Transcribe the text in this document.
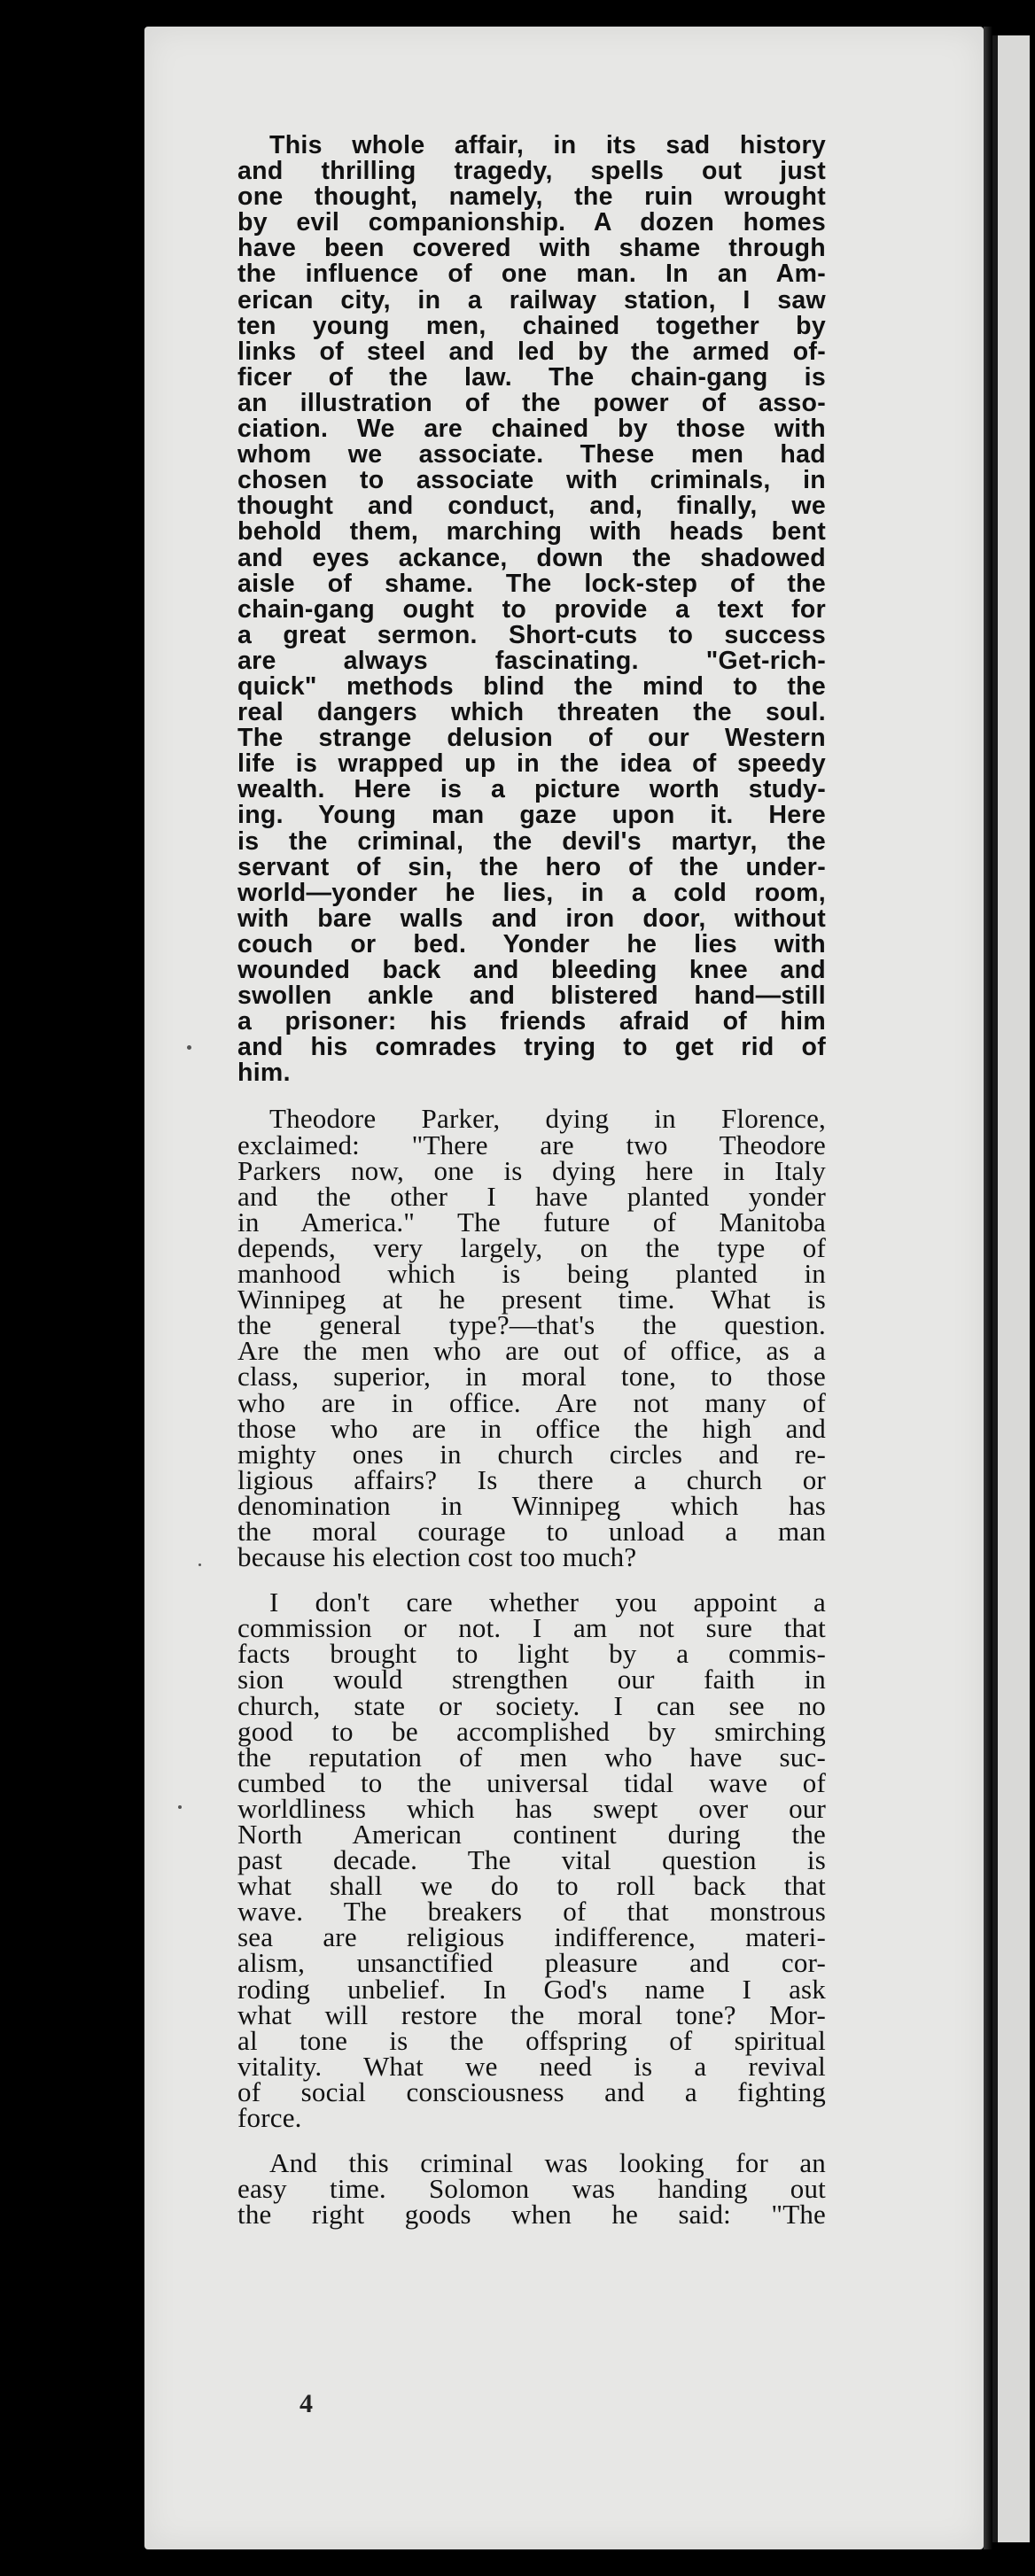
This whole affair, in its sad history
and thrilling tragedy, spells out just
one thought, namely, the ruin wrought
by evil companionship. A dozen homes
have been covered with shame through
the influence of one man. In an Am-
erican city, in a railway station, I saw
ten young men, chained together by
links of steel and led by the armed of-
ficer of the law. The chain-gang is
an illustration of the power of asso-
ciation. We are chained by those with
whom we associate. These men had
chosen to associate with criminals, in
thought and conduct, and, finally, we
behold them, marching with heads bent
and eyes ackance, down the shadowed
aisle of shame. The lock-step of the
chain-gang ought to provide a text for
a great sermon. Short-cuts to success
are always fascinating. "Get-rich-
quick" methods blind the mind to the
real dangers which threaten the soul.
The strange delusion of our Western
life is wrapped up in the idea of speedy
wealth. Here is a picture worth study-
ing. Young man gaze upon it. Here
is the criminal, the devil's martyr, the
servant of sin, the hero of the under-
world—yonder he lies, in a cold room,
with bare walls and iron door, without
couch or bed. Yonder he lies with
wounded back and bleeding knee and
swollen ankle and blistered hand—still
a prisoner: his friends afraid of him
and his comrades trying to get rid of
him.
Theodore Parker, dying in Florence,
exclaimed: "There are two Theodore
Parkers now, one is dying here in Italy
and the other I have planted yonder
in America." The future of Manitoba
depends, very largely, on the type of
manhood which is being planted in
Winnipeg at he present time. What is
the general type?—that's the question.
Are the men who are out of office, as a
class, superior, in moral tone, to those
who are in office. Are not many of
those who are in office the high and
mighty ones in church circles and re-
ligious affairs? Is there a church or
denomination in Winnipeg which has
the moral courage to unload a man
because his election cost too much?
I don't care whether you appoint a
commission or not. I am not sure that
facts brought to light by a commis-
sion would strengthen our faith in
church, state or society. I can see no
good to be accomplished by smirching
the reputation of men who have suc-
cumbed to the universal tidal wave of
worldliness which has swept over our
North American continent during the
past decade. The vital question is
what shall we do to roll back that
wave. The breakers of that monstrous
sea are religious indifference, materi-
alism, unsanctified pleasure and cor-
roding unbelief. In God's name I ask
what will restore the moral tone? Mor-
al tone is the offspring of spiritual
vitality. What we need is a revival
of social consciousness and a fighting
force.
And this criminal was looking for an
easy time. Solomon was handing out
the right goods when he said: "The
4
